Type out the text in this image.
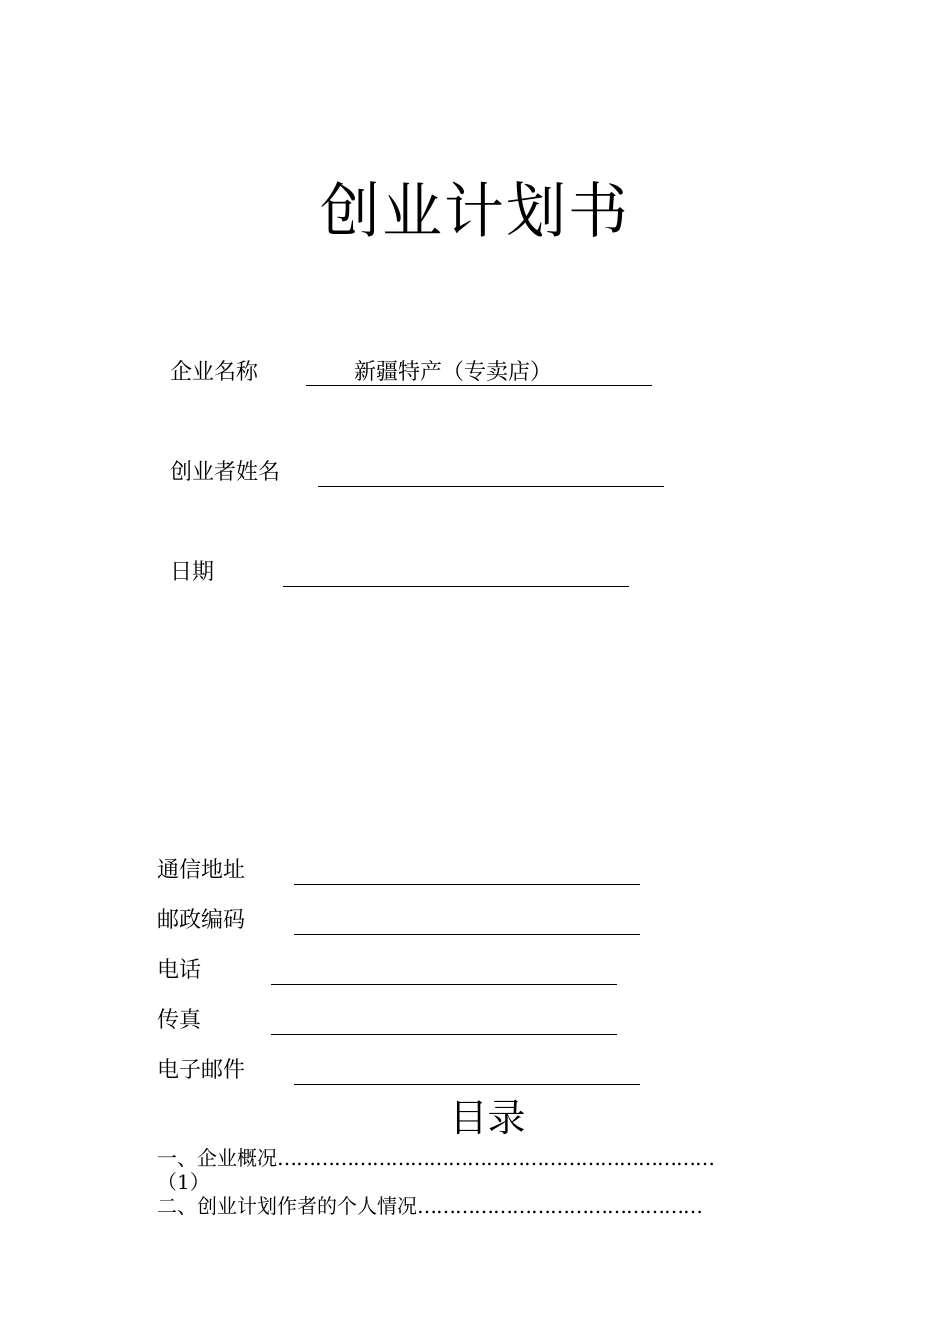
创业计划书
企业名称	新疆特产（专卖店）
创业者姓名
日期
通信地址
邮政编码
电话
传真
电子邮件
目录
一、企业概况……………………………………………………………
（1）
二、创业计划作者的个人情况………………………………………
